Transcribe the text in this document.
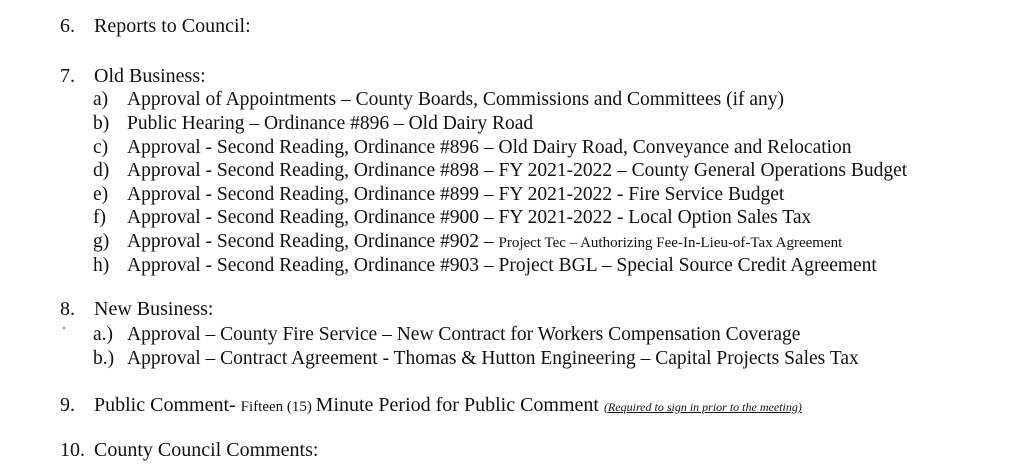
6. Reports to Council:
7. Old Business:
a) Approval of Appointments – County Boards, Commissions and Committees (if any)
b) Public Hearing – Ordinance #896 – Old Dairy Road
c) Approval - Second Reading, Ordinance #896 – Old Dairy Road, Conveyance and Relocation
d) Approval - Second Reading, Ordinance #898 – FY 2021-2022 – County General Operations Budget
e) Approval - Second Reading, Ordinance #899 – FY 2021-2022 - Fire Service Budget
f) Approval - Second Reading, Ordinance #900 – FY 2021-2022 - Local Option Sales Tax
g) Approval - Second Reading, Ordinance #902 – Project Tec – Authorizing Fee-In-Lieu-of-Tax Agreement
h) Approval - Second Reading, Ordinance #903 – Project BGL – Special Source Credit Agreement
8. New Business:
a.) Approval – County Fire Service – New Contract for Workers Compensation Coverage
b.) Approval – Contract Agreement - Thomas & Hutton Engineering – Capital Projects Sales Tax
9. Public Comment- Fifteen (15) Minute Period for Public Comment (Required to sign in prior to the meeting)
10. County Council Comments:
